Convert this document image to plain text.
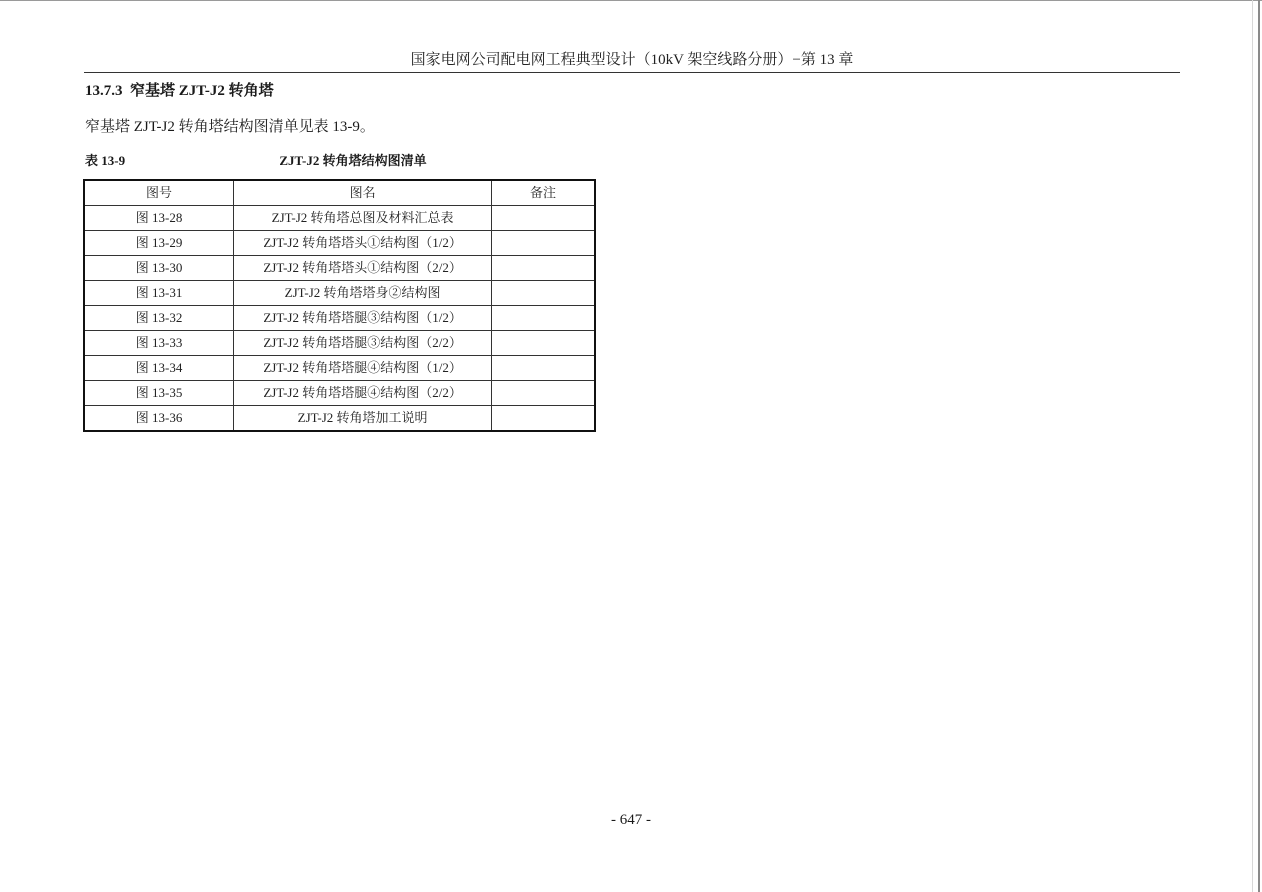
国家电网公司配电网工程典型设计（10kV 架空线路分册）−第 13 章
13.7.3  窄基塔 ZJT-J2 转角塔
窄基塔 ZJT-J2 转角塔结构图清单见表 13-9。
表 13-9	ZJT-J2 转角塔结构图清单
图号	图名	备注
图 13-28	ZJT-J2 转角塔总图及材料汇总表	
图 13-29	ZJT-J2 转角塔塔头①结构图（1/2）	
图 13-30	ZJT-J2 转角塔塔头①结构图（2/2）	
图 13-31	ZJT-J2 转角塔塔身②结构图	
图 13-32	ZJT-J2 转角塔塔腿③结构图（1/2）	
图 13-33	ZJT-J2 转角塔塔腿③结构图（2/2）	
图 13-34	ZJT-J2 转角塔塔腿④结构图（1/2）	
图 13-35	ZJT-J2 转角塔塔腿④结构图（2/2）	
图 13-36	ZJT-J2 转角塔加工说明	
- 647 -
